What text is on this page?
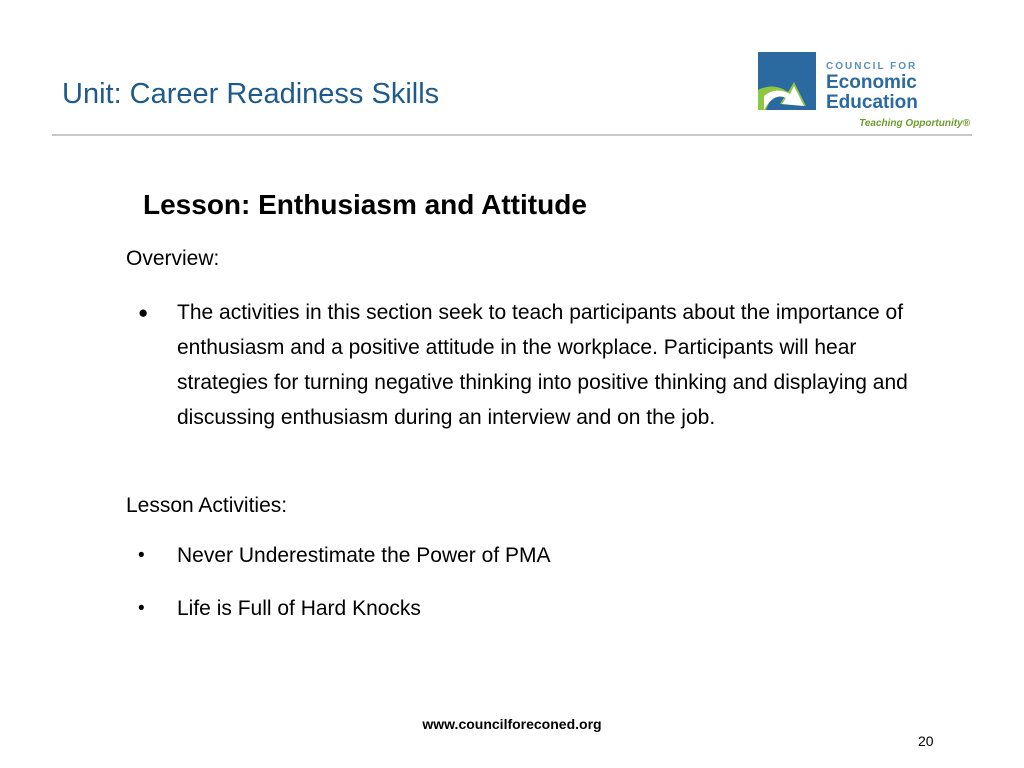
Unit: Career Readiness Skills
COUNCIL FOR
Economic
Education
Teaching Opportunity®
Lesson: Enthusiasm and Attitude
Overview:
● The activities in this section seek to teach participants about the importance of enthusiasm and a positive attitude in the workplace. Participants will hear strategies for turning negative thinking into positive thinking and displaying and discussing enthusiasm during an interview and on the job.
Lesson Activities:
• Never Underestimate the Power of PMA
• Life is Full of Hard Knocks
www.councilforeconed.org
20
